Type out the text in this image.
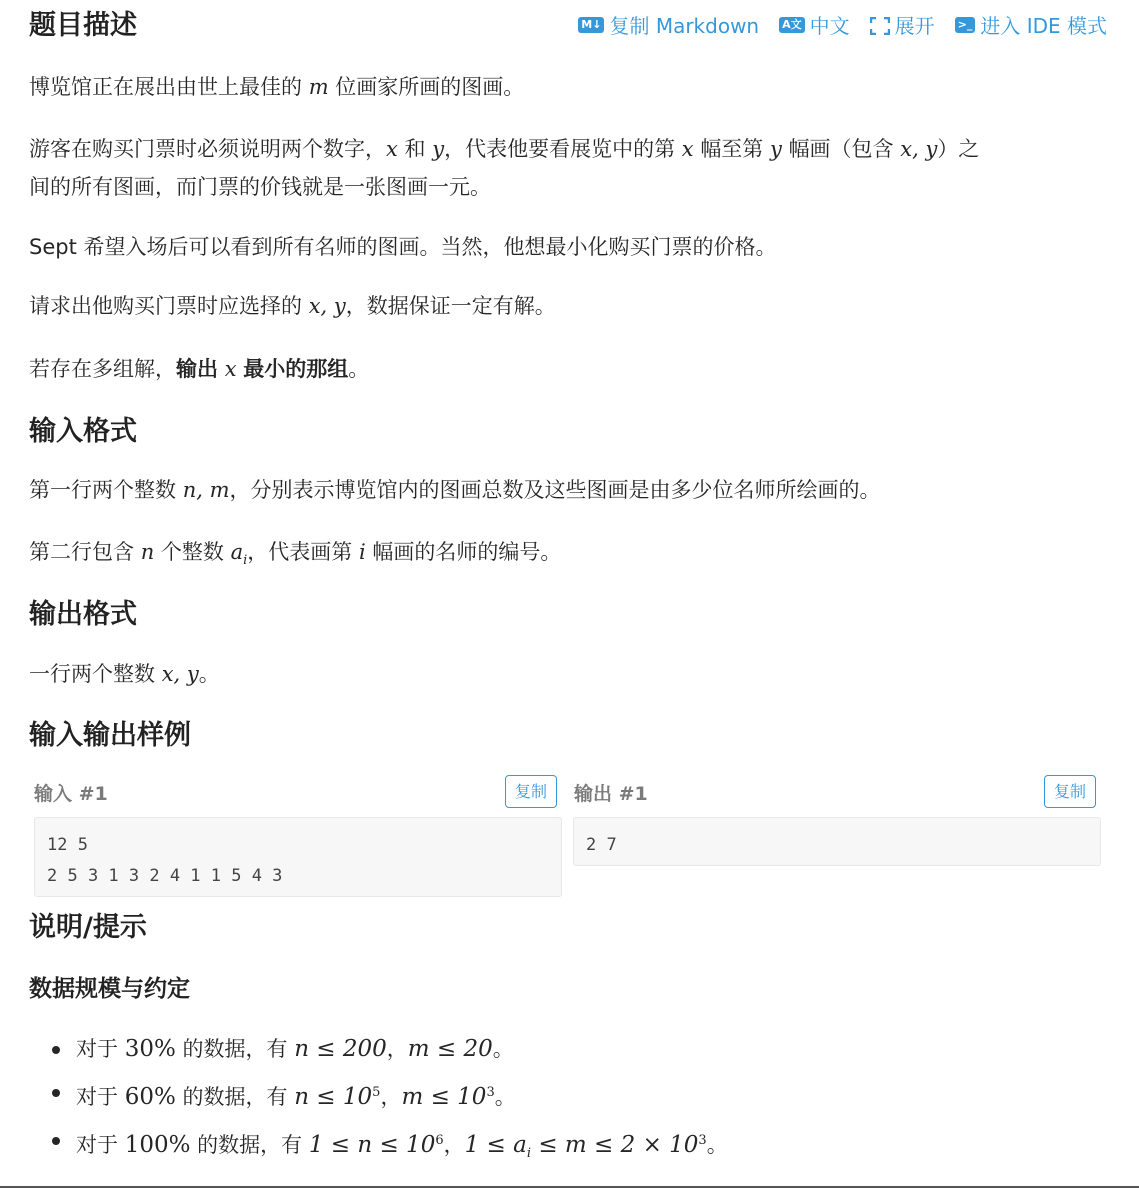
题目描述	M↓ 复制 Markdown A文 中文 展开 >_ 进入 IDE 模式

博览馆正在展出由世上最佳的 m 位画家所画的图画。

游客在购买门票时必须说明两个数字，x 和 y，代表他要看展览中的第 x 幅至第 y 幅画（包含 x, y）之

间的所有图画，而门票的价钱就是一张图画一元。

Sept 希望入场后可以看到所有名师的图画。当然，他想最小化购买门票的价格。

请求出他购买门票时应选择的 x, y，数据保证一定有解。

若存在多组解，输出 x 最小的那组。

输入格式

第一行两个整数 n, m，分别表示博览馆内的图画总数及这些图画是由多少位名师所绘画的。

第二行包含 n 个整数 $a_i$，代表画第 i 幅画的名师的编号。

输出格式

一行两个整数 x, y。

输入输出样例
输入 #1	复制
12 5
2 5 3 1 3 2 4 1 1 5 4 3
输出 #1	复制
2 7
说明/提示
数据规模与约定
对于 30% 的数据，有 n ≤ 200，m ≤ 20。
对于 60% 的数据，有 $n \le 10^5$，$m \le 10^3$。
对于 100% 的数据，有 $1 \le n \le 10^6$，$1 \le a_i \le m \le 2 \times 10^3$。
